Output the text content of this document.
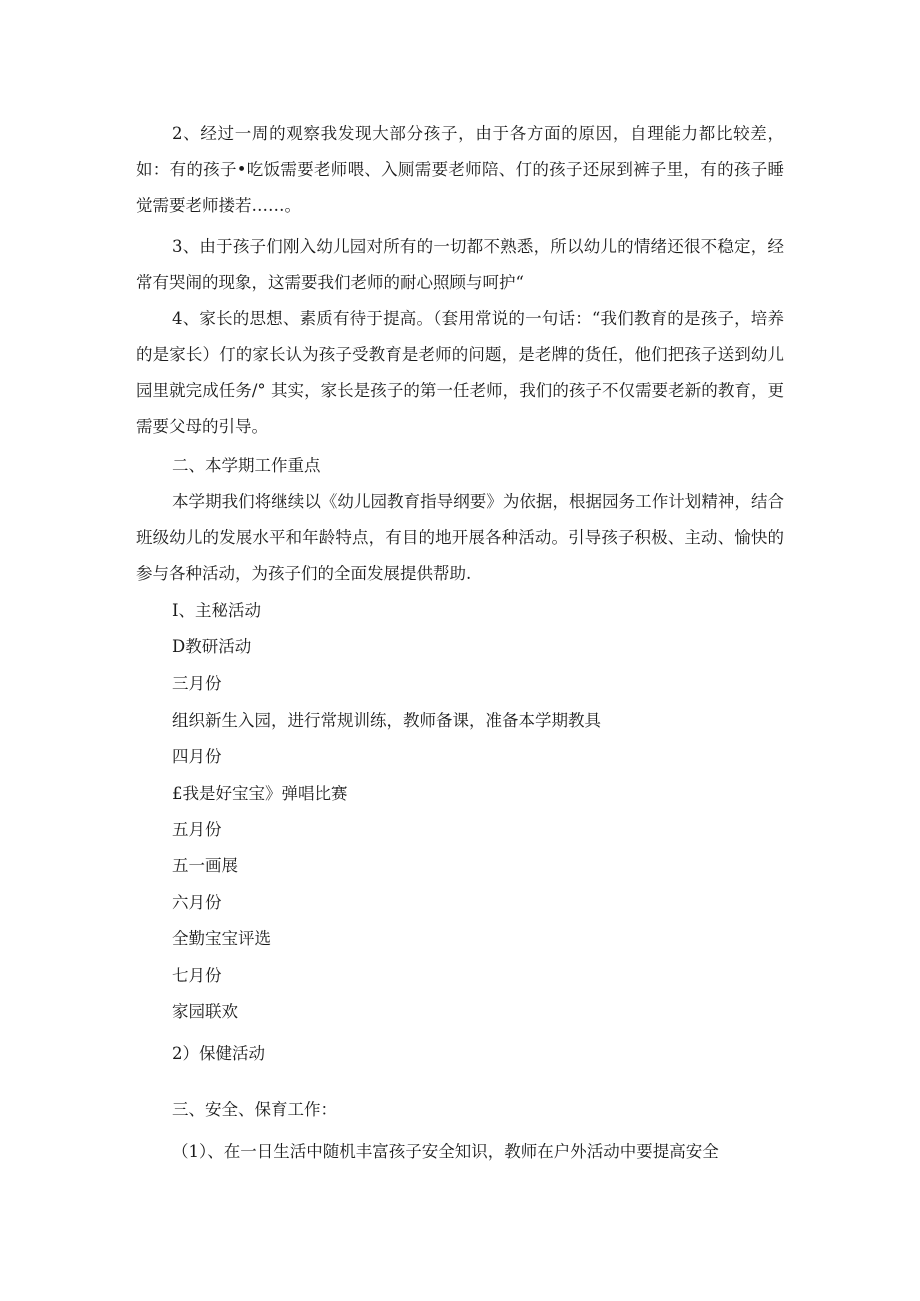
2、经过一周的观察我发现大部分孩子，由于各方面的原因，自理能力都比较差，如：有的孩子•吃饭需要老师喂、入厕需要老师陪、仃的孩子还尿到裤子里，有的孩子睡觉需要老师搂若……。

3、由于孩子们刚入幼儿园对所有的一切都不熟悉，所以幼儿的情绪还很不稳定，经常有哭闹的现象，这需要我们老师的耐心照顾与呵护“

4、家长的思想、素质有待于提高。（套用常说的一句话：“我们教育的是孩子，培养的是家长）仃的家长认为孩子受教育是老师的问题，是老牌的货任，他们把孩子送到幼儿园里就完成任务/° 其实，家长是孩子的第一任老师，我们的孩子不仅需要老新的教育，更需要父母的引导。

二、本学期工作重点

本学期我们将继续以《幼儿园教育指导纲要》为依据，根据园务工作计划精神，结合班级幼儿的发展水平和年龄特点，有目的地开展各种活动。引导孩子积极、主动、愉快的参与各种活动，为孩子们的全面发展提供帮助.

I、主秘活动

D教研活动

三月份

组织新生入园，进行常规训练，教师备课，准备本学期教具

四月份

£我是好宝宝》弹唱比赛

五月份

五一画展

六月份

全勤宝宝评选

七月份

家园联欢

2）保健活动

三、安全、保育工作：

（1）、在一日生活中随机丰富孩子安全知识，教师在户外活动中要提高安全
